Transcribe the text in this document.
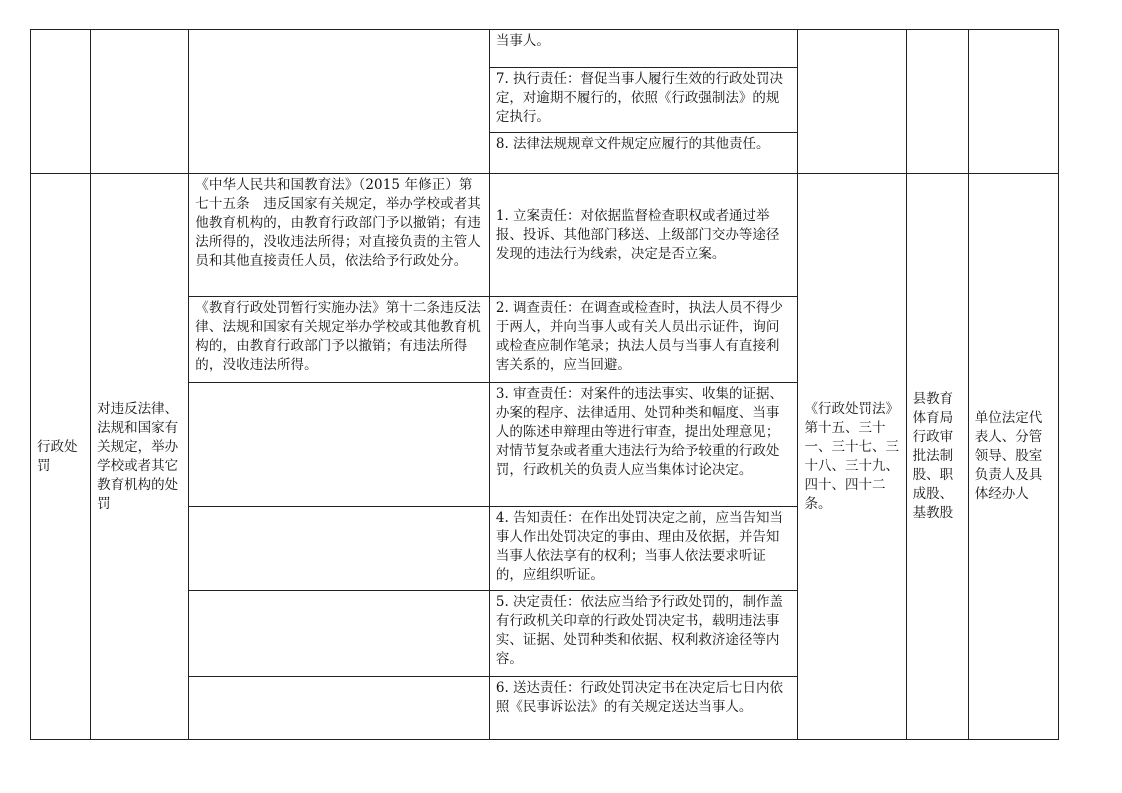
			当事人。			
			7. 执行责任：督促当事人履行生效的行政处罚决定，对逾期不履行的，依照《行政强制法》的规定执行。			
			8. 法律法规规章文件规定应履行的其他责任。			
行政处罚	对违反法律、法规和国家有关规定，举办学校或者其它教育机构的处罚	《中华人民共和国教育法》（2015 年修正）第七十五条　违反国家有关规定，举办学校或者其他教育机构的，由教育行政部门予以撤销；有违法所得的，没收违法所得；对直接负责的主管人员和其他直接责任人员，依法给予行政处分。	1. 立案责任：对依据监督检查职权或者通过举报、投诉、其他部门移送、上级部门交办等途径发现的违法行为线索，决定是否立案。	《行政处罚法》第十五、三十一、三十七、三十八、三十九、四十、四十二条。	县教育体育局行政审批法制股、职成股、基教股	单位法定代表人、分管领导、股室负责人及具体经办人
		《教育行政处罚暂行实施办法》第十二条违反法律、法规和国家有关规定举办学校或其他教育机构的，由教育行政部门予以撤销；有违法所得的，没收违法所得。	2. 调查责任：在调查或检查时，执法人员不得少于两人，并向当事人或有关人员出示证件，询问或检查应制作笔录；执法人员与当事人有直接利害关系的，应当回避。			
			3. 审查责任：对案件的违法事实、收集的证据、办案的程序、法律适用、处罚种类和幅度、当事人的陈述申辩理由等进行审查，提出处理意见；对情节复杂或者重大违法行为给予较重的行政处罚，行政机关的负责人应当集体讨论决定。			
			4. 告知责任：在作出处罚决定之前，应当告知当事人作出处罚决定的事由、理由及依据，并告知当事人依法享有的权利；当事人依法要求听证的，应组织听证。			
			5. 决定责任：依法应当给予行政处罚的，制作盖有行政机关印章的行政处罚决定书，载明违法事实、证据、处罚种类和依据、权利救济途径等内容。			
			6. 送达责任：行政处罚决定书在决定后七日内依照《民事诉讼法》的有关规定送达当事人。			
